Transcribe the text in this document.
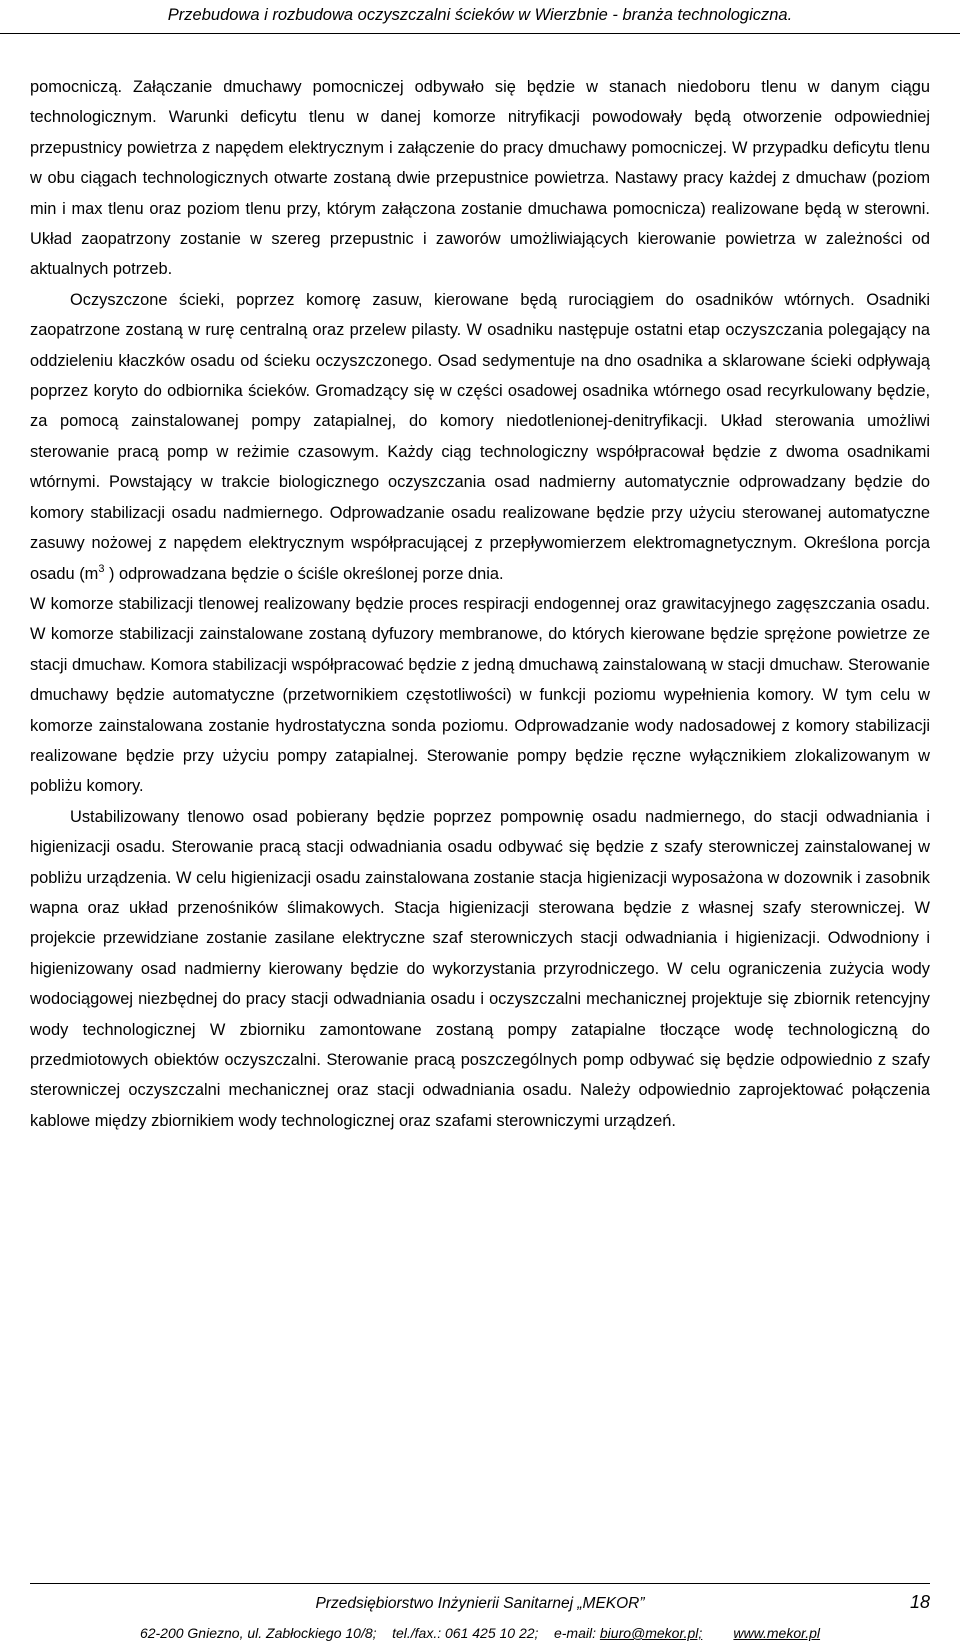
Przebudowa i rozbudowa oczyszczalni ścieków w Wierzbnie - branża technologiczna.

pomocniczą. Załączanie dmuchawy pomocniczej odbywało się będzie w stanach niedoboru tlenu w danym ciągu technologicznym. Warunki deficytu tlenu w danej komorze nitryfikacji powodowały będą otworzenie odpowiedniej przepustnicy powietrza z napędem elektrycznym i załączenie do pracy dmuchawy pomocniczej. W przypadku deficytu tlenu w obu ciągach technologicznych otwarte zostaną dwie przepustnice powietrza. Nastawy pracy każdej z dmuchaw (poziom min i max tlenu oraz poziom tlenu przy, którym załączona zostanie dmuchawa pomocnicza) realizowane będą w sterowni. Układ zaopatrzony zostanie w szereg przepustnic i zaworów umożliwiających kierowanie powietrza w zależności od aktualnych potrzeb.

Oczyszczone ścieki, poprzez komorę zasuw, kierowane będą rurociągiem do osadników wtórnych. Osadniki zaopatrzone zostaną w rurę centralną oraz przelew pilasty. W osadniku następuje ostatni etap oczyszczania polegający na oddzieleniu kłaczków osadu od ścieku oczyszczonego. Osad sedymentuje na dno osadnika a sklarowane ścieki odpływają poprzez koryto do odbiornika ścieków. Gromadzący się w części osadowej osadnika wtórnego osad recyrkulowany będzie, za pomocą zainstalowanej pompy zatapialnej, do komory niedotlenionej-denitryfikacji. Układ sterowania umożliwi sterowanie pracą pomp w reżimie czasowym. Każdy ciąg technologiczny współpracował będzie z dwoma osadnikami wtórnymi. Powstający w trakcie biologicznego oczyszczania osad nadmierny automatycznie odprowadzany będzie do komory stabilizacji osadu nadmiernego. Odprowadzanie osadu realizowane będzie przy użyciu sterowanej automatyczne zasuwy nożowej z napędem elektrycznym współpracującej z przepływomierzem elektromagnetycznym. Określona porcja osadu ($m^3$ ) odprowadzana będzie o ściśle określonej porze dnia.

W komorze stabilizacji tlenowej realizowany będzie proces respiracji endogennej oraz grawitacyjnego zagęszczania osadu. W komorze stabilizacji zainstalowane zostaną dyfuzory membranowe, do których kierowane będzie sprężone powietrze ze stacji dmuchaw. Komora stabilizacji współpracować będzie z jedną dmuchawą zainstalowaną w stacji dmuchaw. Sterowanie dmuchawy będzie automatyczne (przetwornikiem częstotliwości) w funkcji poziomu wypełnienia komory. W tym celu w komorze zainstalowana zostanie hydrostatyczna sonda poziomu. Odprowadzanie wody nadosadowej z komory stabilizacji realizowane będzie przy użyciu pompy zatapialnej. Sterowanie pompy będzie ręczne wyłącznikiem zlokalizowanym w pobliżu komory.

Ustabilizowany tlenowo osad pobierany będzie poprzez pompownię osadu nadmiernego, do stacji odwadniania i higienizacji osadu. Sterowanie pracą stacji odwadniania osadu odbywać się będzie z szafy sterowniczej zainstalowanej w pobliżu urządzenia. W celu higienizacji osadu zainstalowana zostanie stacja higienizacji wyposażona w dozownik i zasobnik wapna oraz układ przenośników ślimakowych. Stacja higienizacji sterowana będzie z własnej szafy sterowniczej. W projekcie przewidziane zostanie zasilane elektryczne szaf sterowniczych stacji odwadniania i higienizacji. Odwodniony i higienizowany osad nadmierny kierowany będzie do wykorzystania przyrodniczego. W celu ograniczenia zużycia wody wodociągowej niezbędnej do pracy stacji odwadniania osadu i oczyszczalni mechanicznej projektuje się zbiornik retencyjny wody technologicznej W zbiorniku zamontowane zostaną pompy zatapialne tłoczące wodę technologiczną do przedmiotowych obiektów oczyszczalni. Sterowanie pracą poszczególnych pomp odbywać się będzie odpowiednio z szafy sterowniczej oczyszczalni mechanicznej oraz stacji odwadniania osadu. Należy odpowiednio zaprojektować połączenia kablowe między zbiornikiem wody technologicznej oraz szafami sterowniczymi urządzeń.

Przedsiębiorstwo Inżynierii Sanitarnej „MEKOR”	18
62-200 Gniezno, ul. Zabłockiego 10/8;    tel./fax.: 061 425 10 22;    e-mail: biuro@mekor.pl; www.mekor.pl
